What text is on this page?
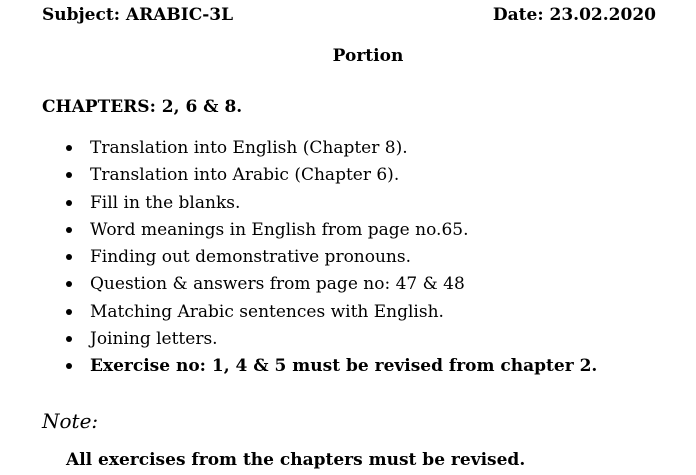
Subject: ARABIC-3L	Date: 23.02.2020
Portion
CHAPTERS: 2, 6 & 8.
Translation into English (Chapter 8).
Translation into Arabic (Chapter 6).
Fill in the blanks.
Word meanings in English from page no.65.
Finding out demonstrative pronouns.
Question & answers from page no: 47 & 48
Matching Arabic sentences with English.
Joining letters.
Exercise no: 1, 4 & 5 must be revised from chapter 2.
Note:
All exercises from the chapters must be revised.
